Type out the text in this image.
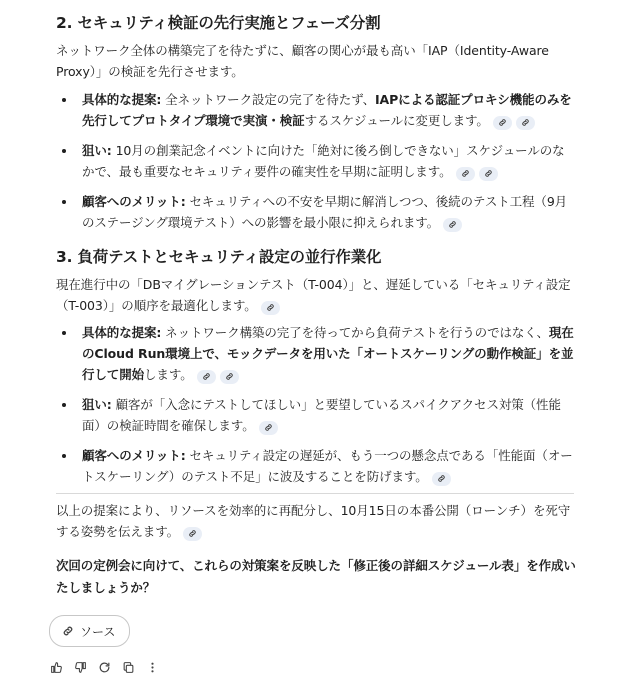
2. セキュリティ検証の先行実施とフェーズ分割

ネットワーク全体の構築完了を待たずに、顧客の関心が最も高い「IAP（Identity-Aware Proxy）」の検証を先行させます。

具体的な提案: 全ネットワーク設定の完了を待たず、IAPによる認証プロキシ機能のみを先行してプロトタイプ環境で実演・検証するスケジュールに変更します。
狙い: 10月の創業記念イベントに向けた「絶対に後ろ倒しできない」スケジュールのなかで、最も重要なセキュリティ要件の確実性を早期に証明します。
顧客へのメリット: セキュリティへの不安を早期に解消しつつ、後続のテスト工程（9月のステージング環境テスト）への影響を最小限に抑えられます。
3. 負荷テストとセキュリティ設定の並行作業化

現在進行中の「DBマイグレーションテスト（T-004）」と、遅延している「セキュリティ設定（T-003）」の順序を最適化します。

具体的な提案: ネットワーク構築の完了を待ってから負荷テストを行うのではなく、現在のCloud Run環境上で、モックデータを用いた「オートスケーリングの動作検証」を並行して開始します。
狙い: 顧客が「入念にテストしてほしい」と要望しているスパイクアクセス対策（性能面）の検証時間を確保します。
顧客へのメリット: セキュリティ設定の遅延が、もう一つの懸念点である「性能面（オートスケーリング）のテスト不足」に波及することを防げます。

以上の提案により、リソースを効率的に再配分し、10月15日の本番公開（ローンチ）を死守する姿勢を伝えます。

次回の定例会に向けて、これらの対策案を反映した「修正後の詳細スケジュール表」を作成いたしましょうか？
ソース
